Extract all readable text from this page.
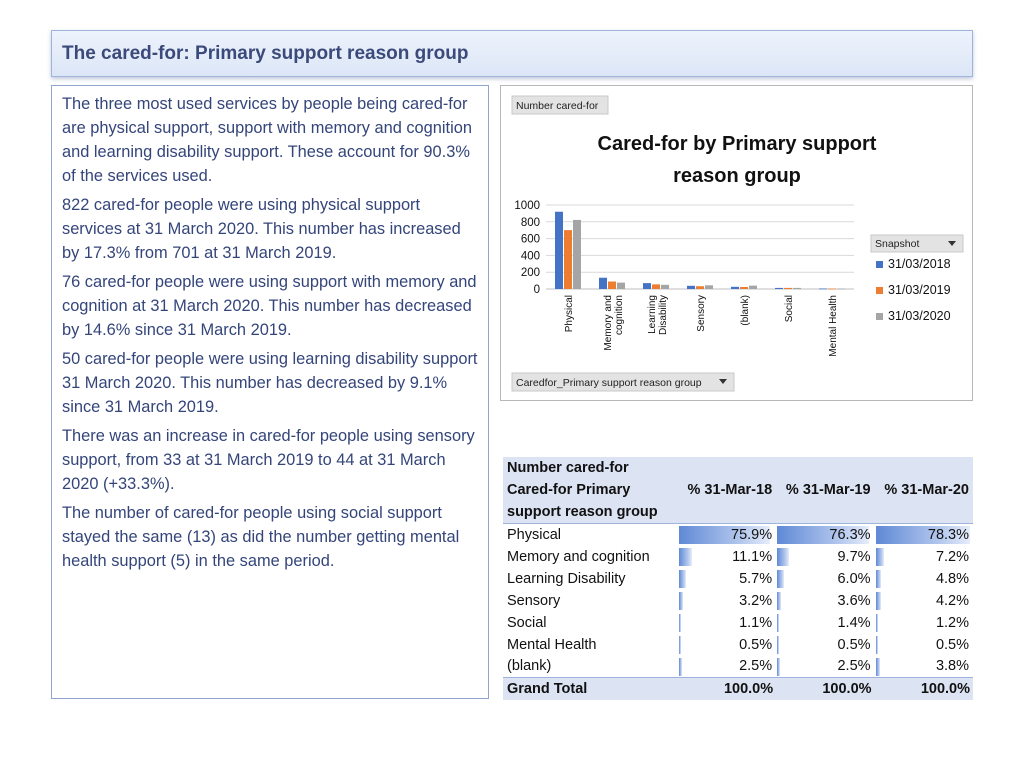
The cared-for: Primary support reason group

The three most used services by people being cared-for are physical support, support with memory and cognition and learning disability support. These account for 90.3% of the services used.

822 cared-for people were using physical support services at 31 March 2020. This number has increased by 17.3% from 701 at 31 March 2019.

76 cared-for people were using support with memory and cognition at 31 March 2020. This number has decreased by 14.6% since 31 March 2019.

50 cared-for people were using learning disability support 31 March 2020. This number has decreased by 9.1% since 31 March 2019.

There was an increase in cared-for people using sensory support, from 33 at 31 March 2019 to 44 at 31 March 2020 (+33.3%).

The number of cared-for people using social support stayed the same (13) as did the number getting mental health support (5) in the same period.

Number cared-for
Cared-for by Primary support
reason group
0
200
400
600
800
1000
Physical	Memory and cognition Learning Disability	Sensory	(blank)	Social	Mental Health
Snapshot
31/03/2018
31/03/2019
31/03/2020
Caredfor_Primary support reason group
Number cared-for
Cared-for Primary
support reason group	% 31-Mar-18	% 31-Mar-19	% 31-Mar-20
Physical	75.9%	76.3%	78.3%
Memory and cognition	11.1%	9.7%	7.2%
Learning Disability	5.7%	6.0%	4.8%
Sensory	3.2%	3.6%	4.2%
Social	1.1%	1.4%	1.2%
Mental Health	0.5%	0.5%	0.5%
(blank)	2.5%	2.5%	3.8%
Grand Total	100.0%	100.0%	100.0%
